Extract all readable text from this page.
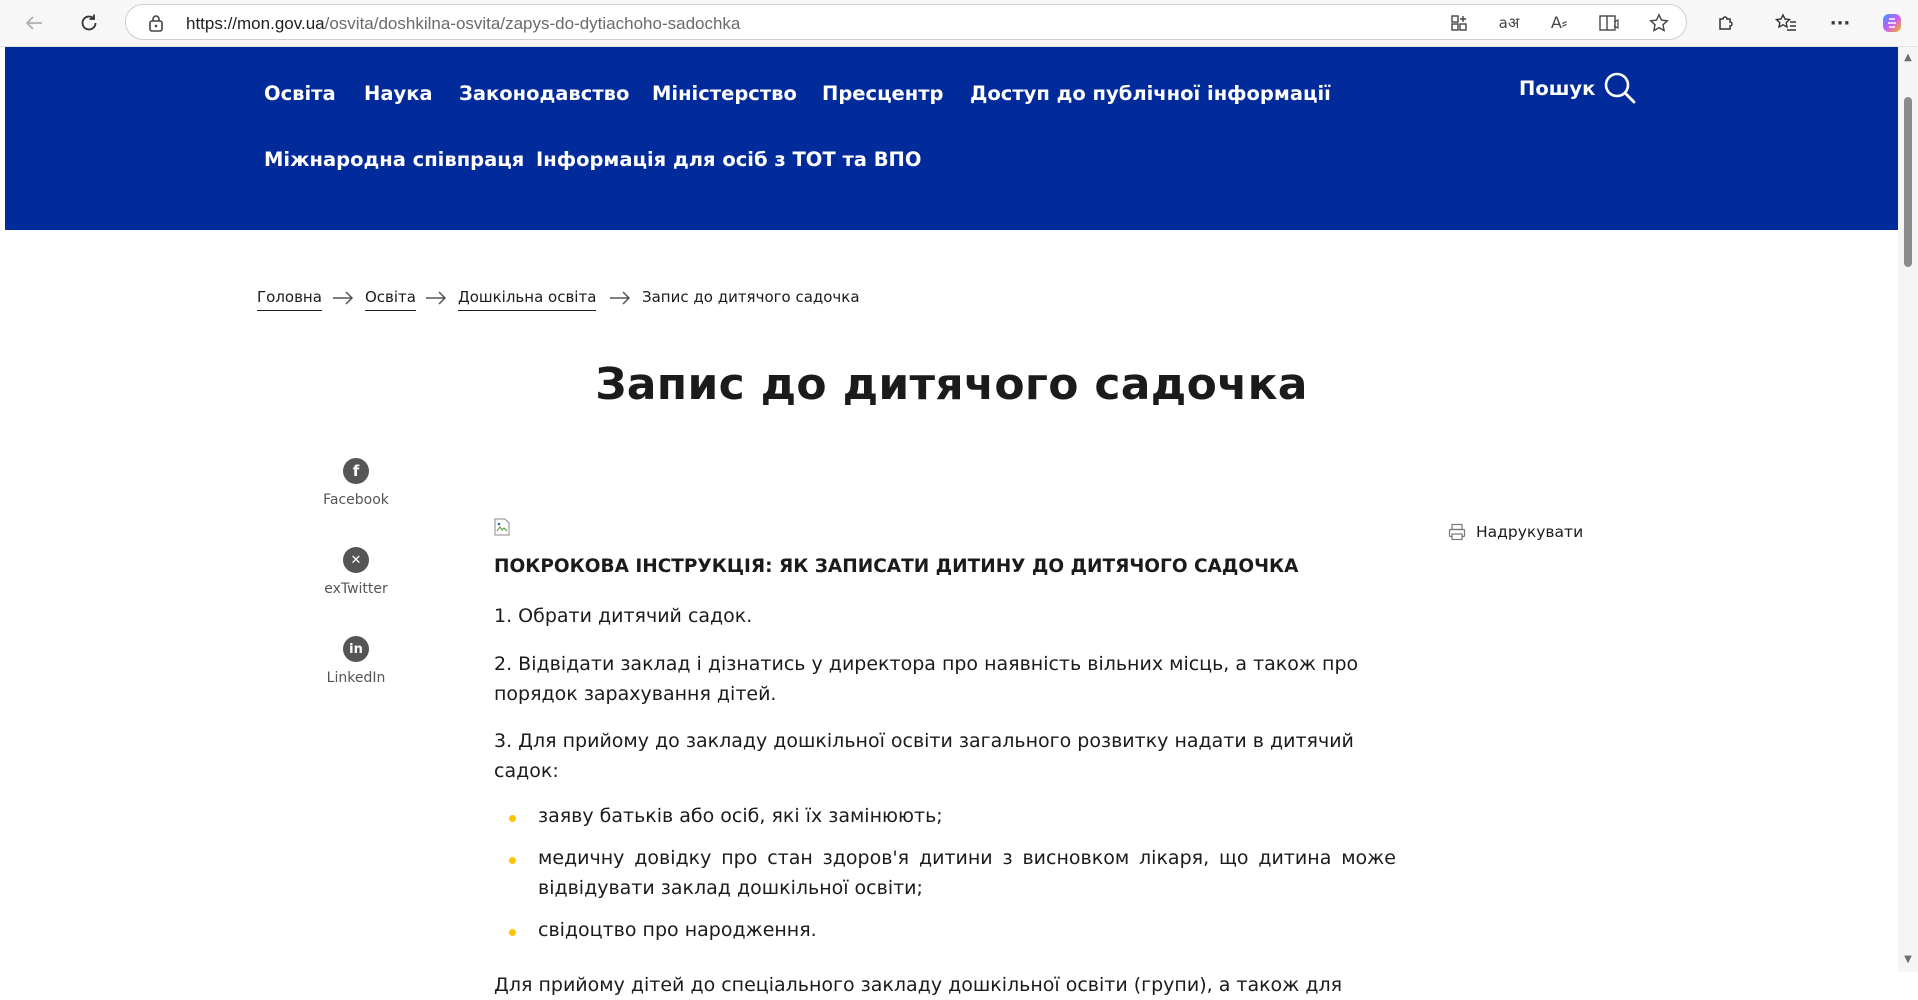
https://mon.gov.ua/osvita/doshkilna-osvita/zapys-do-dytiachoho-sadochka	aअ	A⸗	···
Освіта Наука Законодавство Міністерство Пресцентр Доступ до публічної інформації
Міжнародна співпраця Інформація для осіб з ТОТ та ВПО
Пошук
Головна	Освіта	Дошкільна освіта	Запис до дитячого садочка
Запис до дитячого садочка
f
Facebook
✕
exTwitter
in
LinkedIn
Надрукувати
ПОКРОКОВА ІНСТРУКЦІЯ: ЯК ЗАПИСАТИ ДИТИНУ ДО ДИТЯЧОГО САДОЧКА

1. Обрати дитячий садок.

2. Відвідати заклад і дізнатись у директора про наявність вільних місць, а також про порядок зарахування дітей.

3. Для прийому до закладу дошкільної освіти загального розвитку надати в дитячий садок:

заяву батьків або осіб, які їх замінюють;
медичну довідку про стан здоров'я дитини з висновком лікаря, що дитина може відвідувати заклад дошкільної освіти;
свідоцтво про народження.

Для прийому дітей до спеціального закладу дошкільної освіти (групи), а також для

▲
▼
